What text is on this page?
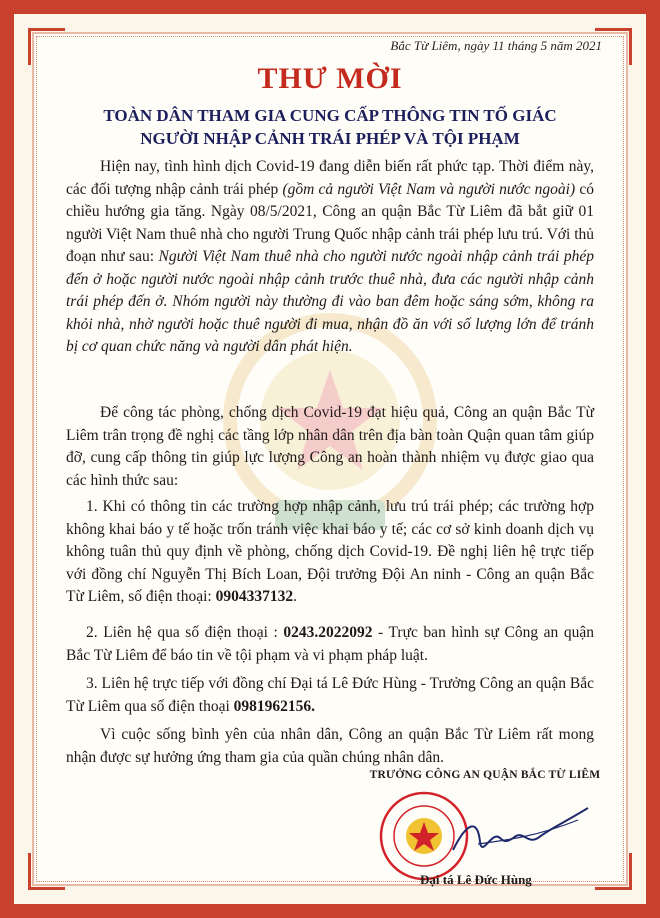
Bắc Từ Liêm, ngày 11 tháng 5 năm 2021
THƯ MỜI
TOÀN DÂN THAM GIA CUNG CẤP THÔNG TIN TỐ GIÁC
NGƯỜI NHẬP CẢNH TRÁI PHÉP VÀ TỘI PHẠM
Hiện nay, tình hình dịch Covid-19 đang diễn biến rất phức tạp. Thời điểm này, các đối tượng nhập cảnh trái phép (gồm cả người Việt Nam và người nước ngoài) có chiều hướng gia tăng. Ngày 08/5/2021, Công an quận Bắc Từ Liêm đã bắt giữ 01 người Việt Nam thuê nhà cho người Trung Quốc nhập cảnh trái phép lưu trú. Với thủ đoạn như sau: Người Việt Nam thuê nhà cho người nước ngoài nhập cảnh trái phép đến ở hoặc người nước ngoài nhập cảnh trước thuê nhà, đưa các người nhập cảnh trái phép đến ở. Nhóm người này thường đi vào ban đêm hoặc sáng sớm, không ra khỏi nhà, nhờ người hoặc thuê người đi mua, nhận đồ ăn với số lượng lớn để tránh bị cơ quan chức năng và người dân phát hiện.
Để công tác phòng, chống dịch Covid-19 đạt hiệu quả, Công an quận Bắc Từ Liêm trân trọng đề nghị các tầng lớp nhân dân trên địa bàn toàn Quận quan tâm giúp đỡ, cung cấp thông tin giúp lực lượng Công an hoàn thành nhiệm vụ được giao qua các hình thức sau:
1. Khi có thông tin các trường hợp nhập cảnh, lưu trú trái phép; các trường hợp không khai báo y tế hoặc trốn tránh việc khai báo y tế; các cơ sở kinh doanh dịch vụ không tuân thủ quy định về phòng, chống dịch Covid-19. Đề nghị liên hệ trực tiếp với đồng chí Nguyễn Thị Bích Loan, Đội trưởng Đội An ninh - Công an quận Bắc Từ Liêm, số điện thoại: 0904337132.
2. Liên hệ qua số điện thoại : 0243.2022092 - Trực ban hình sự Công an quận Bắc Từ Liêm để báo tin về tội phạm và vi phạm pháp luật.
3. Liên hệ trực tiếp với đồng chí Đại tá Lê Đức Hùng - Trưởng Công an quận Bắc Từ Liêm qua số điện thoại 0981962156.
Vì cuộc sống bình yên của nhân dân, Công an quận Bắc Từ Liêm rất mong nhận được sự hưởng ứng tham gia của quần chúng nhân dân.
TRƯỞNG CÔNG AN QUẬN BẮC TỪ LIÊM
Đại tá Lê Đức Hùng
